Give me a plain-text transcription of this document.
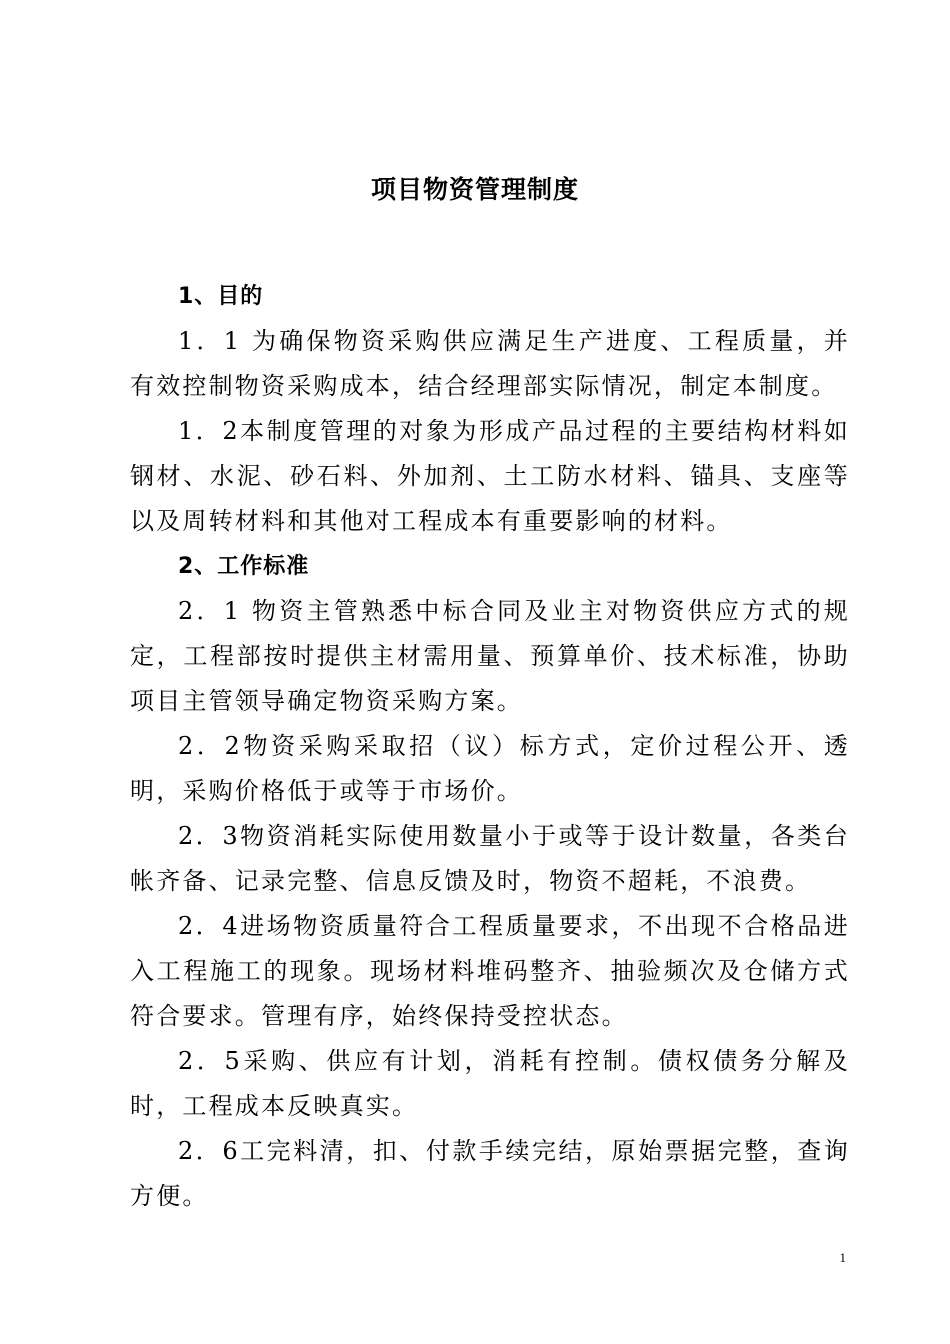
项目物资管理制度

1、目的

1．1 为确保物资采购供应满足生产进度、工程质量，并有效控制物资采购成本，结合经理部实际情况，制定本制度。

1．2本制度管理的对象为形成产品过程的主要结构材料如钢材、水泥、砂石料、外加剂、土工防水材料、锚具、支座等以及周转材料和其他对工程成本有重要影响的材料。

2、工作标准

2．1 物资主管熟悉中标合同及业主对物资供应方式的规定，工程部按时提供主材需用量、预算单价、技术标准，协助项目主管领导确定物资采购方案。

2．2物资采购采取招（议）标方式，定价过程公开、透明，采购价格低于或等于市场价。

2．3物资消耗实际使用数量小于或等于设计数量，各类台帐齐备、记录完整、信息反馈及时，物资不超耗，不浪费。

2．4进场物资质量符合工程质量要求，不出现不合格品进入工程施工的现象。现场材料堆码整齐、抽验频次及仓储方式符合要求。管理有序，始终保持受控状态。

2．5采购、供应有计划，消耗有控制。债权债务分解及时，工程成本反映真实。

2．6工完料清，扣、付款手续完结，原始票据完整，查询方便。

1
